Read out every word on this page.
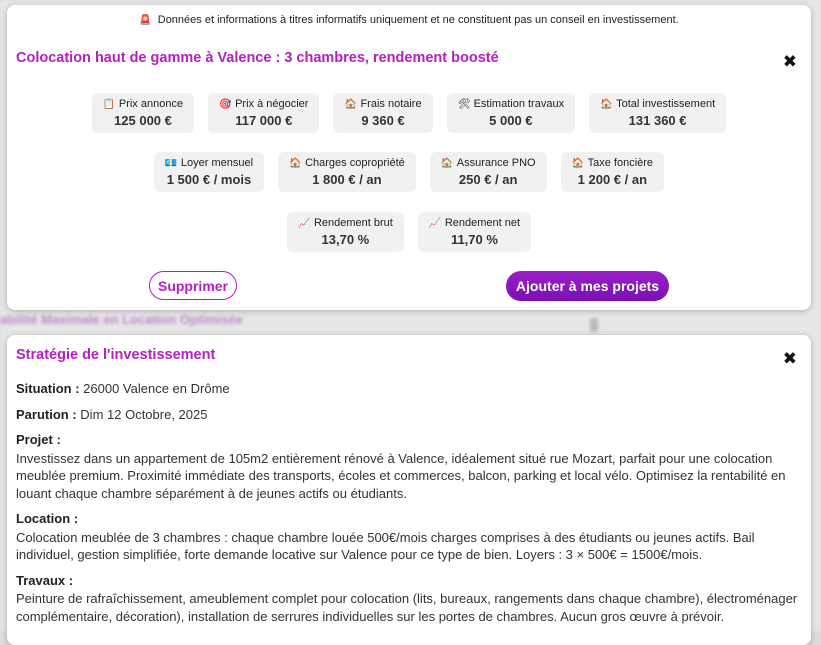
abilité Maximale en Location Optimisée
🚨 Données et informations à titres informatifs uniquement et ne constituent pas un conseil en investissement.
Colocation haut de gamme à Valence : 3 chambres, rendement boosté	✖
📋 Prix annonce
125 000 €
🎯 Prix à négocier
117 000 €
🏠 Frais notaire
9 360 €
🛠 Estimation travaux
5 000 €
🏠 Total investissement
131 360 €
💶 Loyer mensuel
1 500 € / mois
🏠 Charges copropriété
1 800 € / an
🏠 Assurance PNO
250 € / an
🏠 Taxe foncière
1 200 € / an
📈 Rendement brut
13,70 %
📈 Rendement net
11,70 %
Supprimer	Ajouter à mes projets
Stratégie de l'investissement	✖
Situation : 26000 Valence en Drôme
Parution : Dim 12 Octobre, 2025
Projet :

Investissez dans un appartement de 105m2 entièrement rénové à Valence, idéalement situé rue Mozart, parfait pour une colocation meublée premium. Proximité immédiate des transports, écoles et commerces, balcon, parking et local vélo. Optimisez la rentabilité en louant chaque chambre séparément à de jeunes actifs ou étudiants.

Location :

Colocation meublée de 3 chambres : chaque chambre louée 500€/mois charges comprises à des étudiants ou jeunes actifs. Bail individuel, gestion simplifiée, forte demande locative sur Valence pour ce type de bien. Loyers : 3 × 500€ = 1500€/mois.

Travaux :

Peinture de rafraîchissement, ameublement complet pour colocation (lits, bureaux, rangements dans chaque chambre), électroménager complémentaire, décoration), installation de serrures individuelles sur les portes de chambres. Aucun gros œuvre à prévoir.
